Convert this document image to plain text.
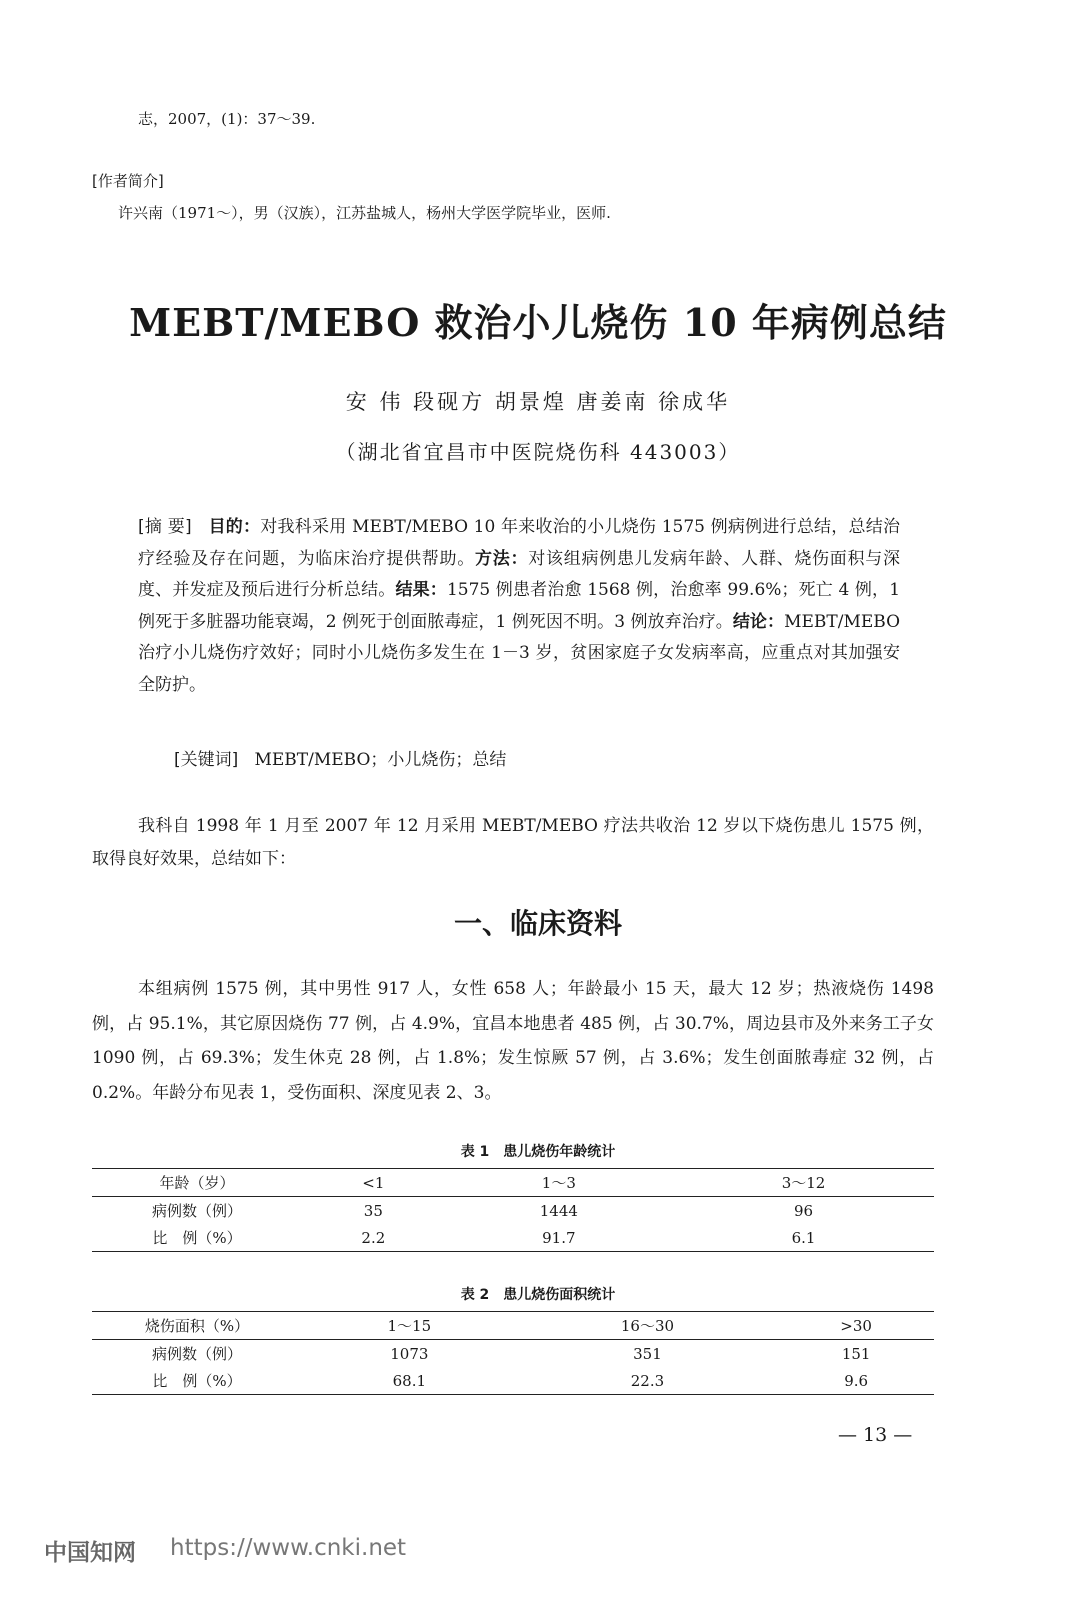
志，2007，(1)：37～39.
[作者简介]
许兴南（1971～），男（汉族），江苏盐城人，杨州大学医学院毕业，医师.
MEBT/MEBO 救治小儿烧伤 10 年病例总结
安 伟 段砚方 胡景煌 唐姜南 徐成华
（湖北省宜昌市中医院烧伤科 443003）
[摘 要] 目的：对我科采用 MEBT/MEBO 10 年来收治的小儿烧伤 1575 例病例进行总结，总结治疗经验及存在问题，为临床治疗提供帮助。方法：对该组病例患儿发病年龄、人群、烧伤面积与深度、并发症及预后进行分析总结。结果：1575 例患者治愈 1568 例，治愈率 99.6%；死亡 4 例，1 例死于多脏器功能衰竭，2 例死于创面脓毒症，1 例死因不明。3 例放弃治疗。结论：MEBT/MEBO 治疗小儿烧伤疗效好；同时小儿烧伤多发生在 1－3 岁，贫困家庭子女发病率高，应重点对其加强安全防护。
[关键词] MEBT/MEBO；小儿烧伤；总结
我科自 1998 年 1 月至 2007 年 12 月采用 MEBT/MEBO 疗法共收治 12 岁以下烧伤患儿 1575 例，取得良好效果，总结如下：
一、临床资料
本组病例 1575 例，其中男性 917 人，女性 658 人；年龄最小 15 天，最大 12 岁；热液烧伤 1498 例，占 95.1%，其它原因烧伤 77 例，占 4.9%，宜昌本地患者 485 例，占 30.7%，周边县市及外来务工子女 1090 例，占 69.3%；发生休克 28 例，占 1.8%；发生惊厥 57 例，占 3.6%；发生创面脓毒症 32 例，占 0.2%。年龄分布见表 1，受伤面积、深度见表 2、3。
表 1　患儿烧伤年龄统计
年龄（岁）	<1	1～3	3～12
病例数（例）	35	1444	96
比　例（%）	2.2	91.7	6.1
表 2　患儿烧伤面积统计
烧伤面积（%）	1～15	16～30	>30
病例数（例）	1073	351	151
比　例（%）	68.1	22.3	9.6
— 13 —
中国知网 https://www.cnki.net
